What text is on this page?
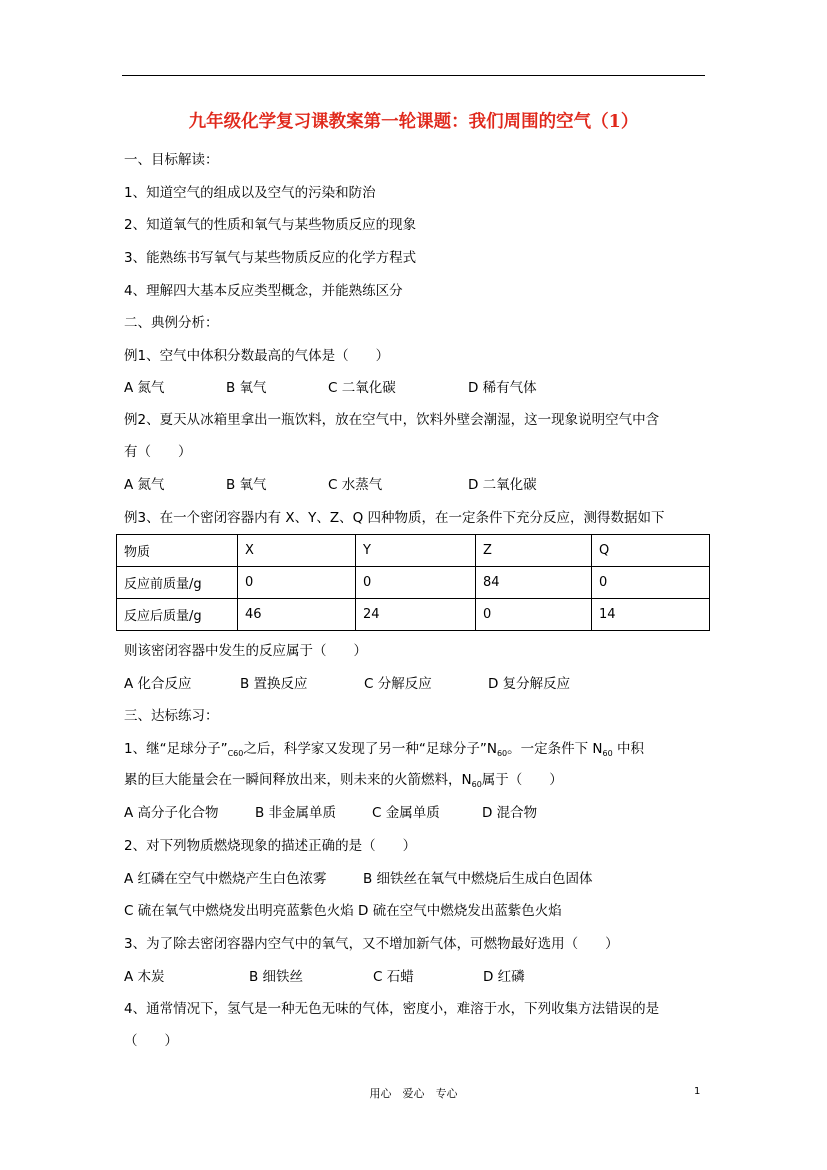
九年级化学复习课教案第一轮课题：我们周围的空气（1）
一、目标解读：
1、知道空气的组成以及空气的污染和防治
2、知道氧气的性质和氧气与某些物质反应的现象
3、能熟练书写氧气与某些物质反应的化学方程式
4、理解四大基本反应类型概念，并能熟练区分
二、典例分析：
例1、空气中体积分数最高的气体是（　　）
A 氮气	B 氧气	C 二氧化碳	D 稀有气体
例2、夏天从冰箱里拿出一瓶饮料，放在空气中，饮料外壁会潮湿，这一现象说明空气中含
有（　　）
A 氮气	B 氧气	C 水蒸气	D 二氧化碳
例3、在一个密闭容器内有 X、Y、Z、Q 四种物质，在一定条件下充分反应，测得数据如下
物质	X	Y	Z	Q
反应前质量/g	0	0	84	0
反应后质量/g	46	24	0	14
则该密闭容器中发生的反应属于（　　）
A 化合反应	B 置换反应	C 分解反应	D 复分解反应
三、达标练习：
1、继“足球分子$”_{C60}$之后，科学家又发现了另一种“足球分子$”N_{60}$。一定条件下 $N_{60}$ 中积
累的巨大能量会在一瞬间释放出来，则未来的火箭燃料，$N_{60}$属于（　　）
A 高分子化合物	B 非金属单质	C 金属单质	D 混合物
2、对下列物质燃烧现象的描述正确的是（　　）
A 红磷在空气中燃烧产生白色浓雾	B 细铁丝在氧气中燃烧后生成白色固体
C 硫在氧气中燃烧发出明亮蓝紫色火焰 D 硫在空气中燃烧发出蓝紫色火焰
3、为了除去密闭容器内空气中的氧气，又不增加新气体，可燃物最好选用（　　）
A 木炭	B 细铁丝	C 石蜡	D 红磷
4、通常情况下，氢气是一种无色无味的气体，密度小，难溶于水，下列收集方法错误的是
（　　）
用心　爱心　专心	1
